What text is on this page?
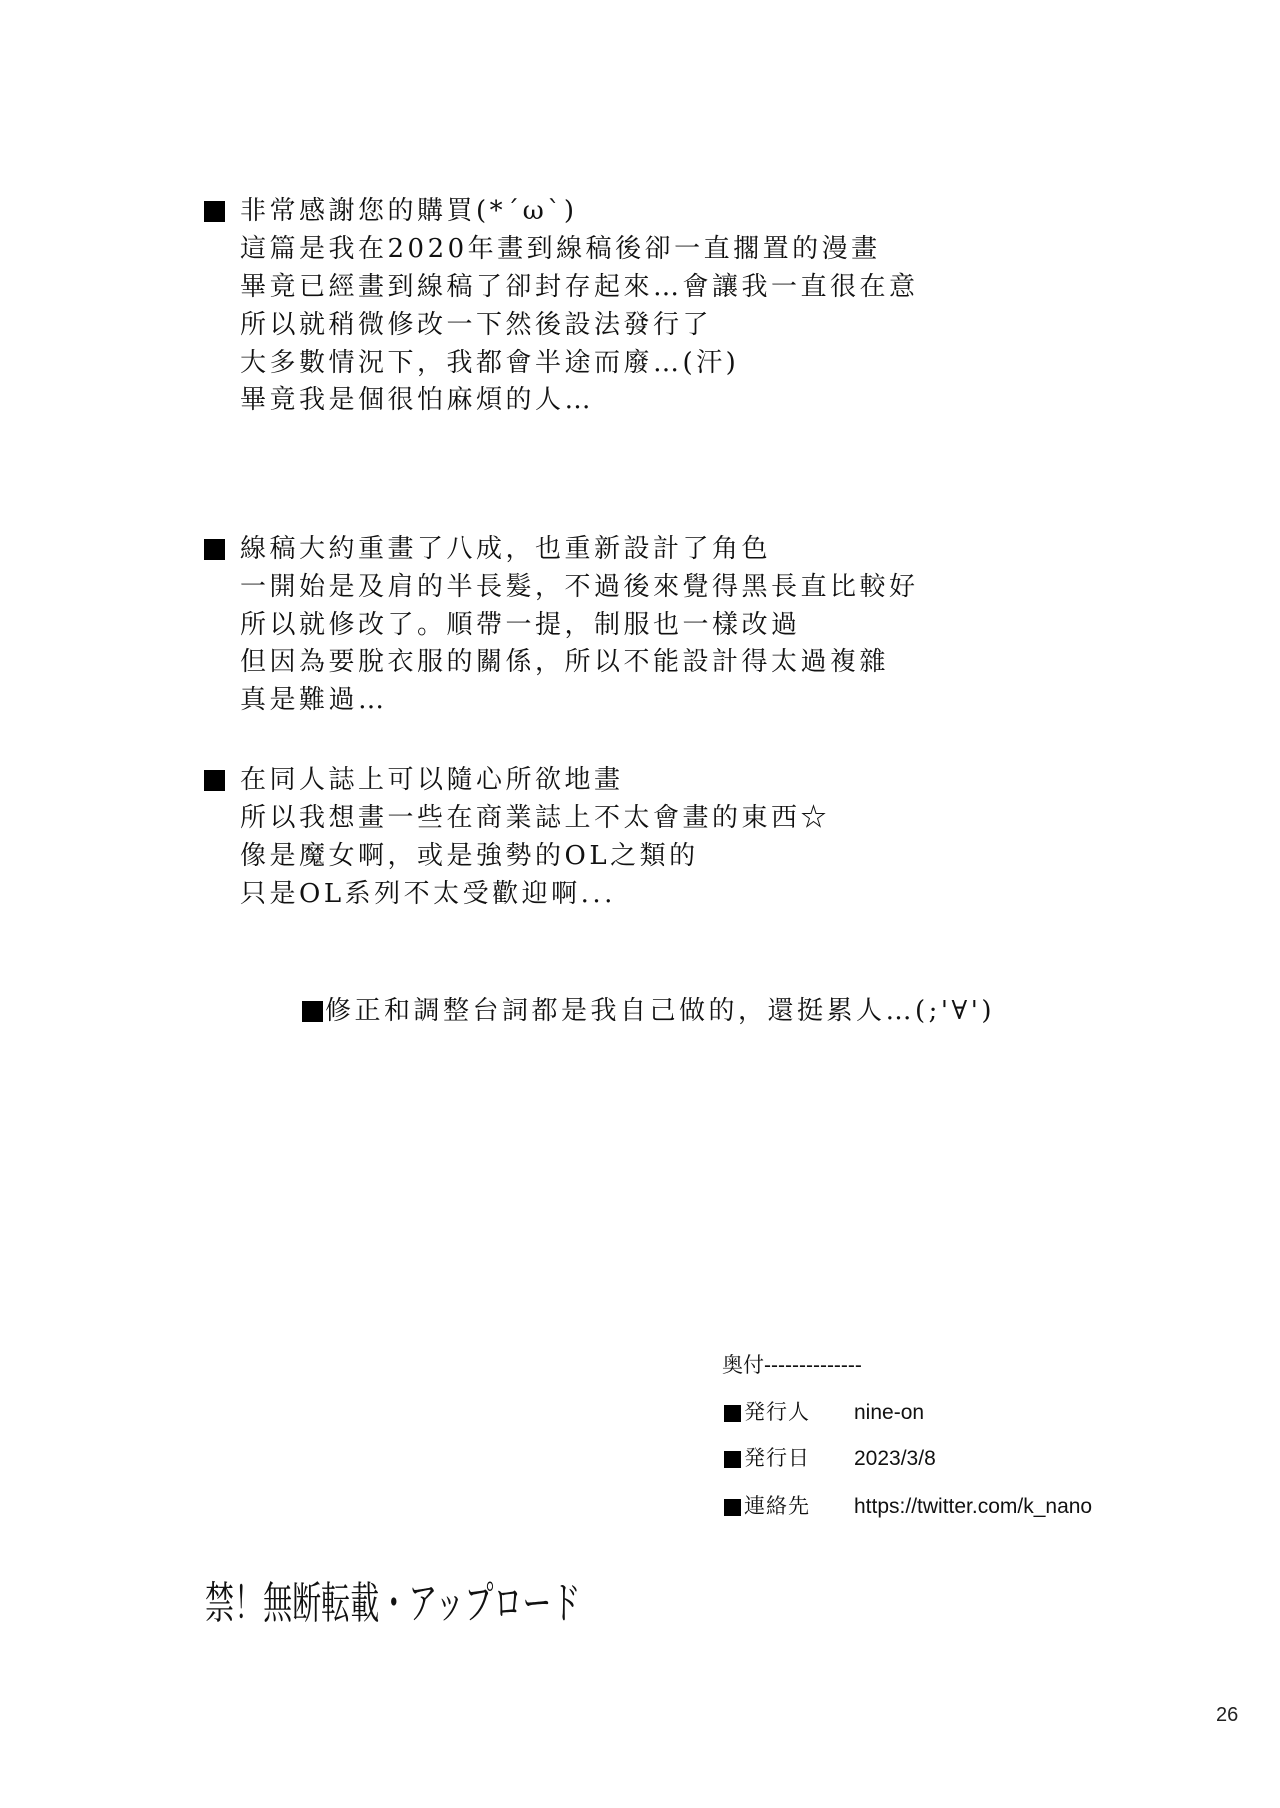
非常感謝您的購買(*´ω`)
這篇是我在2020年畫到線稿後卻一直擱置的漫畫
畢竟已經畫到線稿了卻封存起來…會讓我一直很在意
所以就稍微修改一下然後設法發行了
大多數情況下，我都會半途而廢…(汗)
畢竟我是個很怕麻煩的人…
線稿大約重畫了八成，也重新設計了角色
一開始是及肩的半長髮，不過後來覺得黑長直比較好
所以就修改了。順帶一提，制服也一樣改過
但因為要脫衣服的關係，所以不能設計得太過複雜
真是難過…
在同人誌上可以隨心所欲地畫
所以我想畫一些在商業誌上不太會畫的東西☆
像是魔女啊，或是強勢的OL之類的
只是OL系列不太受歡迎啊...
修正和調整台詞都是我自己做的，還挺累人…(;'∀')
奥付--------------
発行人	nine-on
発行日	2023/3/8
連絡先	https://twitter.com/k_nano
禁！無断転載・アップロード
26
